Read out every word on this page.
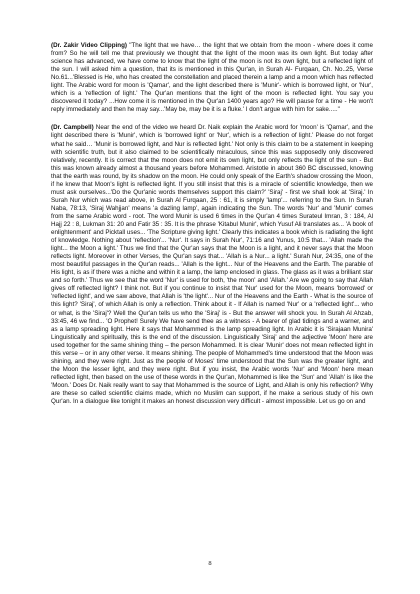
(Dr. Zakir Video Clipping) "The light that we have… the light that we obtain from the moon - where does it come from? So he will tell me that previously we thought that the light of the moon was its own light. But today after science has advanced, we have come to know that the light of the moon is not its own light, but a reflected light of the sun. I will asked him a question, that its is mentioned in this Qur'an, in Surah Al- Furqaan, Ch. No..25, Verse No.61...'Blessed is He, who has created the constellation and placed therein a lamp and a moon which has reflected light. The Arabic word for moon is 'Qamar', and the light described there is 'Munir'- which is borrowed light, or 'Nur', which is a 'reflection of light.' The Qur'an mentions that the light of the moon is reflected light. You say you discovered it today? ...How come it is mentioned in the Qur'an 1400 years ago? He will pause for a time - He won't reply immediately and then he may say...'May be, may be it is a fluke.' I don't argue with him for sake....."

(Dr. Campbell) Near the end of the video we heard Dr. Naik explain the Arabic word for 'moon' is 'Qamar', and the light described there is 'Munir', which is 'borrowed light' or 'Nur', which is a reflection of light.' Please do not forget what he said… 'Munir is borrowed light, and Nur is reflected light.' Not only is this claim to be a statement in keeping with scientific truth, but it also claimed to be scientifically miraculous, since this was supposedly only discovered relatively, recently. It is correct that the moon does not emit its own light, but only reflects the light of the sun - But this was known already almost a thousand years before Mohammed. Aristotle in about 360 BC discussed, knowing that the earth was round, by its shadow on the moon. He could only speak of the Earth's shadow crossing the Moon, if he knew that Moon's light is reflected light. If you still insist that this is a miracle of scientific knowledge, then we must ask ourselves...'Do the Qur'anic words themselves support this claim?' 'Siraj' - first we shall look at 'Siraj.' In Surah Nur which was read above, in Surah Al Furqaan, 25 : 61, it is simply 'lamp'... referring to the Sun. In Surah Naba, 78:13, 'Siraj Wahjjan' means 'a dazling lamp', again indicating the Sun. The words 'Nur' and 'Munir' comes from the same Arabic word - root. The word Munir is used 6 times in the Qur'an 4 times Surateul Imran, 3 : 184, Al Hajj 22 : 8, Lukman 31: 20 and Fatir 35 : 35. It is the phrase 'Kitabul Munir', which Yusuf Ali translates as... 'A book of enlightenment' and Picktall uses... 'The Scripture giving light.' Clearly this indicates a book which is radiating the light of knowledge. Nothing about 'reflection'... 'Nur'. It says in Surah Nur', 71:16 and Yunus, 10:5 that... 'Allah made the light... the Moon a light.' Thus we find that the Qur'an says that the Moon is a light, and it never says that the Moon reflects light. Moreover in other Verses, the Qur'an says that... 'Allah is a Nur... a light.' Surah Nur, 24:35, one of the most beautiful passages in the Qur'an reads... 'Allah is the light... Nur of the Heavens and the Earth. The parable of His light, is as if there was a niche and within it a lamp, the lamp enclosed in glass. The glass as it was a brilliant star and so forth.' Thus we see that the word 'Nur' is used for both, 'the moon' and 'Allah.' Are we going to say that Allah gives off reflected light? I think not. But if you continue to insist that 'Nur' used for the Moon, means 'borrowed' or 'reflected light', and we saw above, that Allah is 'the light'... Nur of the Heavens and the Earth - What is the source of this light? 'Siraj', of which Allah is only a reflection. Think about it - If Allah is named 'Nur' or a 'reflected light'... who or what, is the 'Siraj'? Well the Qur'an tells us who the 'Siraj' is - But the answer will shock you. In Surah Al Ahzab, 33:45, 46 we find... 'O Prophet! Surely We have send thee as a witness - A bearer of glad tidings and a warner, and as a lamp spreading light. Here it says that Mohammed is the lamp spreading light. In Arabic it is 'Sirajaan Munira' Linguistically and spiritually, this is the end of the discussion. Linguistically 'Siraj' and the adjective 'Moon' here are used together for the same shining thing – the person Mohammed. It is clear 'Munir' does not mean reflected light in this verse – or in any other verse. It means shining. The people of Mohammed's time understood that the Moon was shining, and they were right. Just as the people of Moses' time understood that the Sun was the greater light, and the Moon the lesser light, and they were right. But if you insist, the Arabic words 'Nur' and 'Moon' here mean reflected light, then based on the use of these words in the Qur'an, Mohammed is like the 'Sun' and 'Allah' is like the 'Moon.' Does Dr. Naik really want to say that Mohammed is the source of Light, and Allah is only his reflection? Why are these so called scientific claims made, which no Muslim can support, if he make a serious study of his own Qur'an. In a dialogue like tonight it makes an honest discussion very difficult - almost impossible. Let us go on and

8
